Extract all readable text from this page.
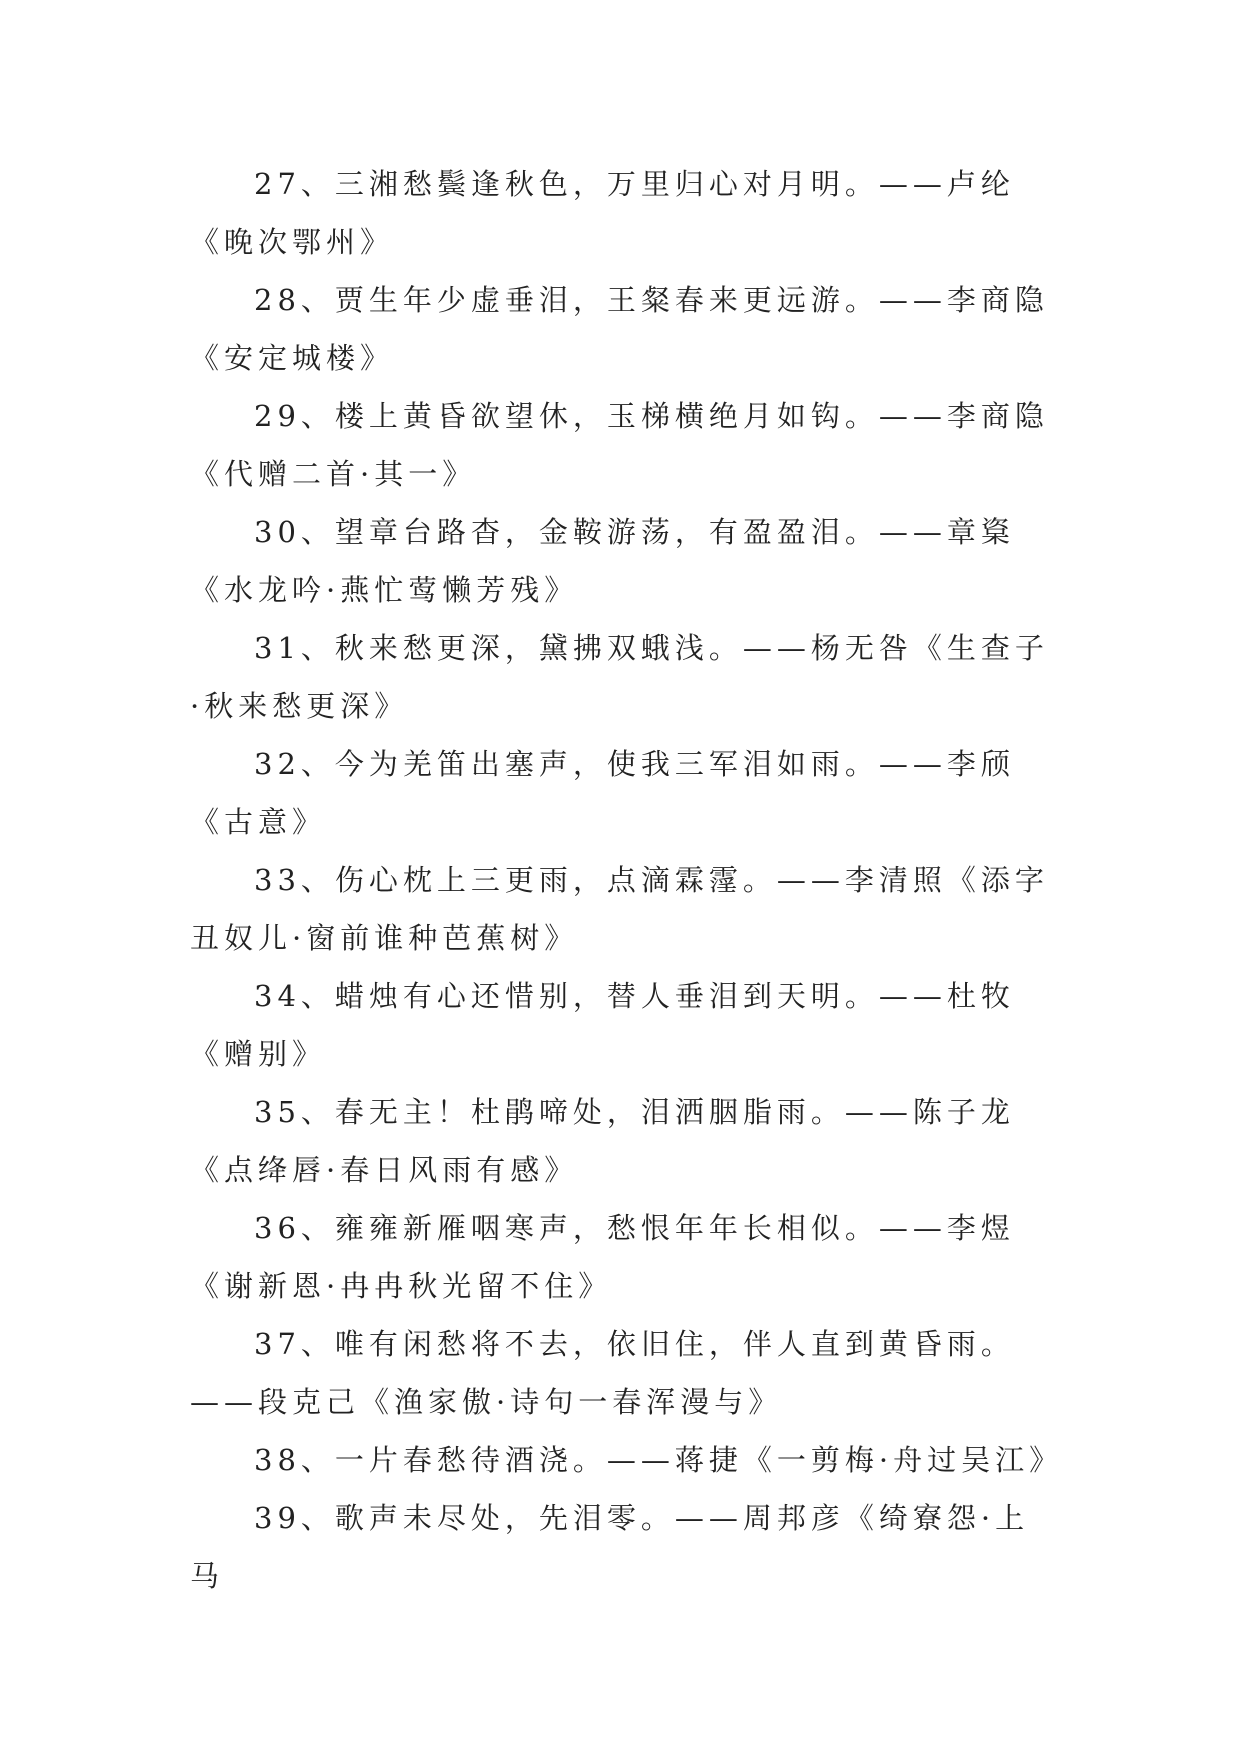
27、三湘愁鬓逢秋色，万里归心对月明。——卢纶《晚次鄂州》

28、贾生年少虚垂泪，王粲春来更远游。——李商隐《安定城楼》

29、楼上黄昏欲望休，玉梯横绝月如钩。——李商隐《代赠二首·其一》

30、望章台路杳，金鞍游荡，有盈盈泪。——章楶《水龙吟·燕忙莺懒芳残》

31、秋来愁更深，黛拂双蛾浅。——杨无咎《生查子·秋来愁更深》

32、今为羌笛出塞声，使我三军泪如雨。——李颀《古意》

33、伤心枕上三更雨，点滴霖霪。——李清照《添字丑奴儿·窗前谁种芭蕉树》

34、蜡烛有心还惜别，替人垂泪到天明。——杜牧《赠别》

35、春无主！杜鹃啼处，泪洒胭脂雨。——陈子龙《点绛唇·春日风雨有感》

36、雍雍新雁咽寒声，愁恨年年长相似。——李煜《谢新恩·冉冉秋光留不住》

37、唯有闲愁将不去，依旧住，伴人直到黄昏雨。——段克己《渔家傲·诗句一春浑漫与》

38、一片春愁待酒浇。——蒋捷《一剪梅·舟过吴江》

39、歌声未尽处，先泪零。——周邦彦《绮寮怨·上马
